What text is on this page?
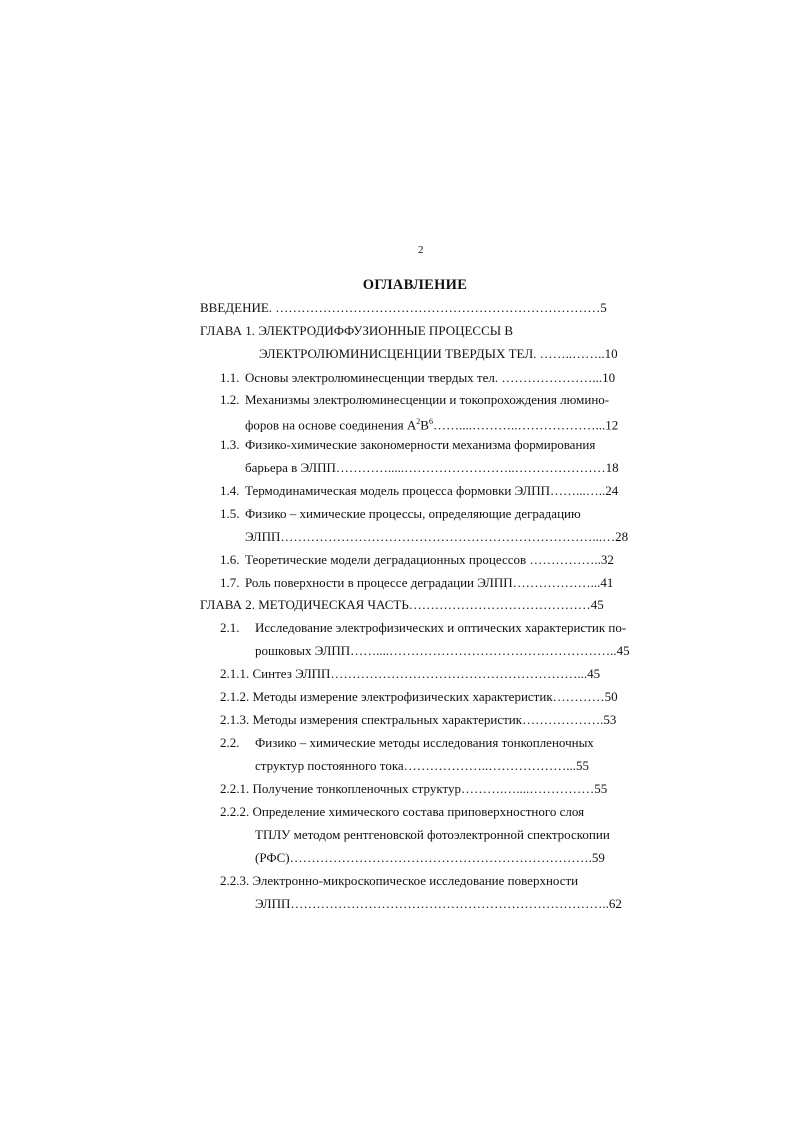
2
ОГЛАВЛЕНИЕ
ВВЕДЕНИЕ. …………………………………………………………………5
ГЛАВА 1. ЭЛЕКТРОДИФФУЗИОННЫЕ ПРОЦЕССЫ В
ЭЛЕКТРОЛЮМИНИСЦЕНЦИИ ТВЕРДЫХ ТЕЛ. ……..……..10
1.1. Основы электролюминесценции твердых тел. …………………...10
1.2. Механизмы электролюминесценции и токопрохождения люмино-
форов на основе соединения $A^2B^6\dots\dots....\dots\dots\dots..\dots\dots\dots\dots\dots\dots...12$
1.3. Физико-химические закономерности механизма формирования
барьера в ЭЛПП………….....……………………..…………………18
1.4. Термодинамическая модель процесса формовки ЭЛПП……...…..24
1.5. Физико – химические процессы, определяющие деградацию
ЭЛПП………………………………………………………………...…28
1.6. Теоретические модели деградационных процессов ……………..32
1.7. Роль поверхности в процессе деградации ЭЛПП………………...41
ГЛАВА 2. МЕТОДИЧЕСКАЯ ЧАСТЬ……………………………………45
2.1. Исследование электрофизических и оптических характеристик по-
рошковых ЭЛПП……....……………………………………………..45
2.1.1. Синтез ЭЛПП…………………………………………………...45
2.1.2. Методы измерение электрофизических характеристик…………50
2.1.3. Методы измерения спектральных характеристик……………….53
2.2.Физико – химические методы исследования тонкопленочных
структур постоянного тока………………..………………...55
2.2.1. Получение тонкопленочных структур……….…....……………55
2.2.2. Определение химического состава приповерхностного слоя
ТПЛУ методом рентгеновской фотоэлектронной спектроскопии
(РФС)…………………………………………………………….59
2.2.3. Электронно-микроскопическое исследование поверхности
ЭЛПП………………………………………………………………..62
